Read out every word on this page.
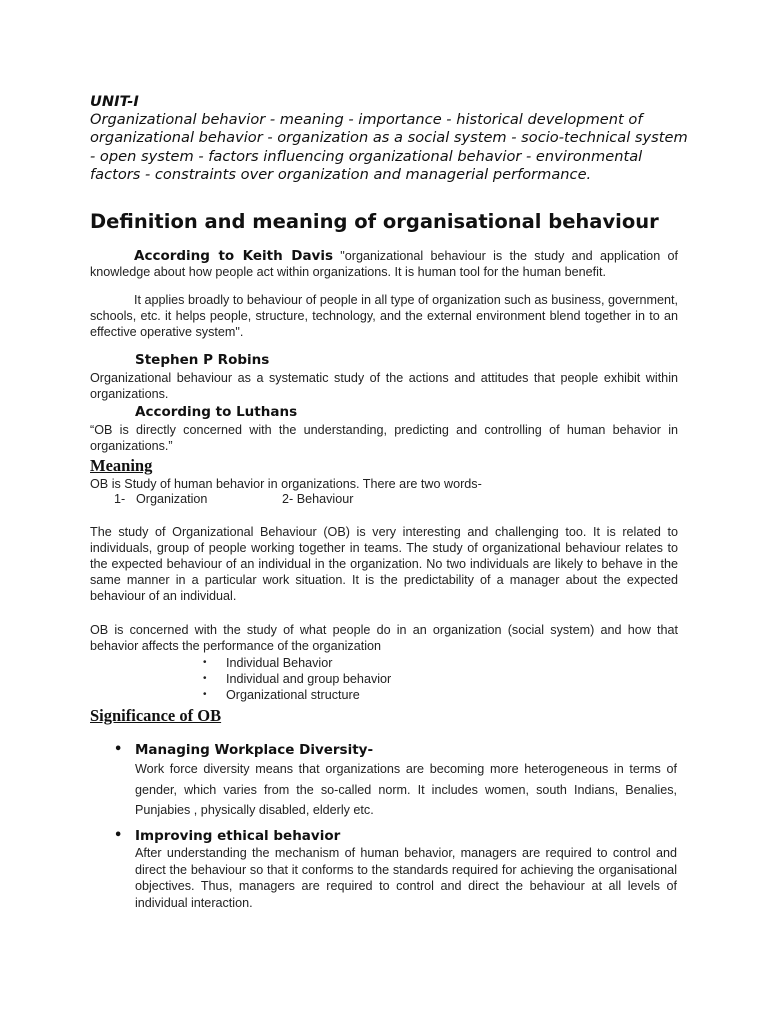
UNIT-I
Organizational behavior - meaning - importance - historical development of organizational behavior - organization as a social system - socio-technical system - open system - factors influencing organizational behavior - environmental factors - constraints over organization and managerial performance.
Definition and meaning of organisational behaviour
According to Keith Davis "organizational behaviour is the study and application of knowledge about how people act within organizations. It is human tool for the human benefit.
It applies broadly to behaviour of people in all type of organization such as business, government, schools, etc. it helps people, structure, technology, and the external environment blend together in to an effective operative system".
Stephen P Robins
Organizational behaviour as a systematic study of the actions and attitudes that people exhibit within organizations.
According to Luthans
“OB is directly concerned with the understanding, predicting and controlling of human behavior in organizations.”
Meaning
OB is Study of human behavior in organizations. There are two words-
1- Organization	2- Behaviour
The study of Organizational Behaviour (OB) is very interesting and challenging too. It is related to individuals, group of people working together in teams. The study of organizational behaviour relates to the expected behaviour of an individual in the organization. No two individuals are likely to behave in the same manner in a particular work situation. It is the predictability of a manager about the expected behaviour of an individual.
OB is concerned with the study of what people do in an organization (social system) and how that behavior affects the performance of the organization
• Individual Behavior
• Individual and group behavior
• Organizational structure
Significance of OB
• Managing Workplace Diversity-
Work force diversity means that organizations are becoming more heterogeneous in terms of gender, which varies from the so-called norm. It includes women, south Indians, Benalies, Punjabies , physically disabled, elderly etc.
• Improving ethical behavior
After understanding the mechanism of human behavior, managers are required to control and direct the behaviour so that it conforms to the standards required for achieving the organisational objectives. Thus, managers are required to control and direct the behaviour at all levels of individual interaction.
